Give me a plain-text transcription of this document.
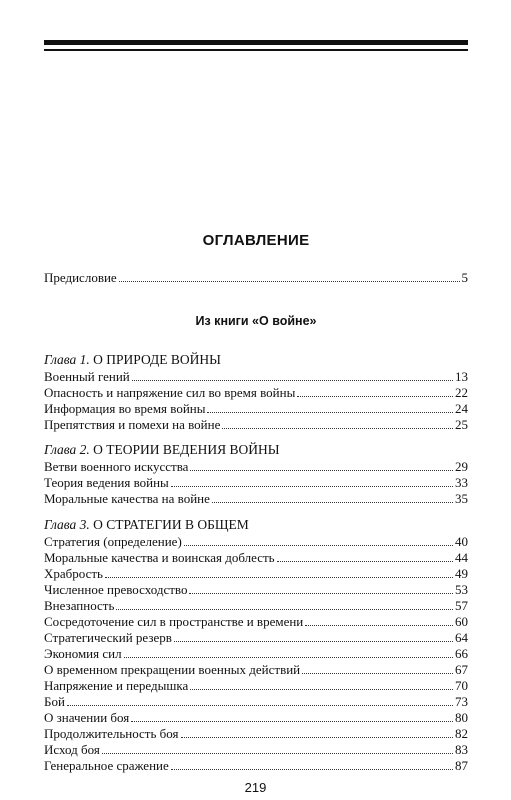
ОГЛАВЛЕНИЕ
Предисловие	5
Из книги «О войне»
Глава 1. О ПРИРОДЕ ВОЙНЫ
Военный гений	13
Опасность и напряжение сил во время войны	22
Информация во время войны	24
Препятствия и помехи на войне	25
Глава 2. О ТЕОРИИ ВЕДЕНИЯ ВОЙНЫ
Ветви военного искусства	29
Теория ведения войны	33
Моральные качества на войне	35
Глава 3. О СТРАТЕГИИ В ОБЩЕМ
Стратегия (определение)	40
Моральные качества и воинская доблесть	44
Храбрость	49
Численное превосходство	53
Внезапность	57
Сосредоточение сил в пространстве и времени	60
Стратегический резерв	64
Экономия сил	66
О временном прекращении военных действий	67
Напряжение и передышка	70
Бой	73
О значении боя	80
Продолжительность боя	82
Исход боя	83
Генеральное сражение	87
219
